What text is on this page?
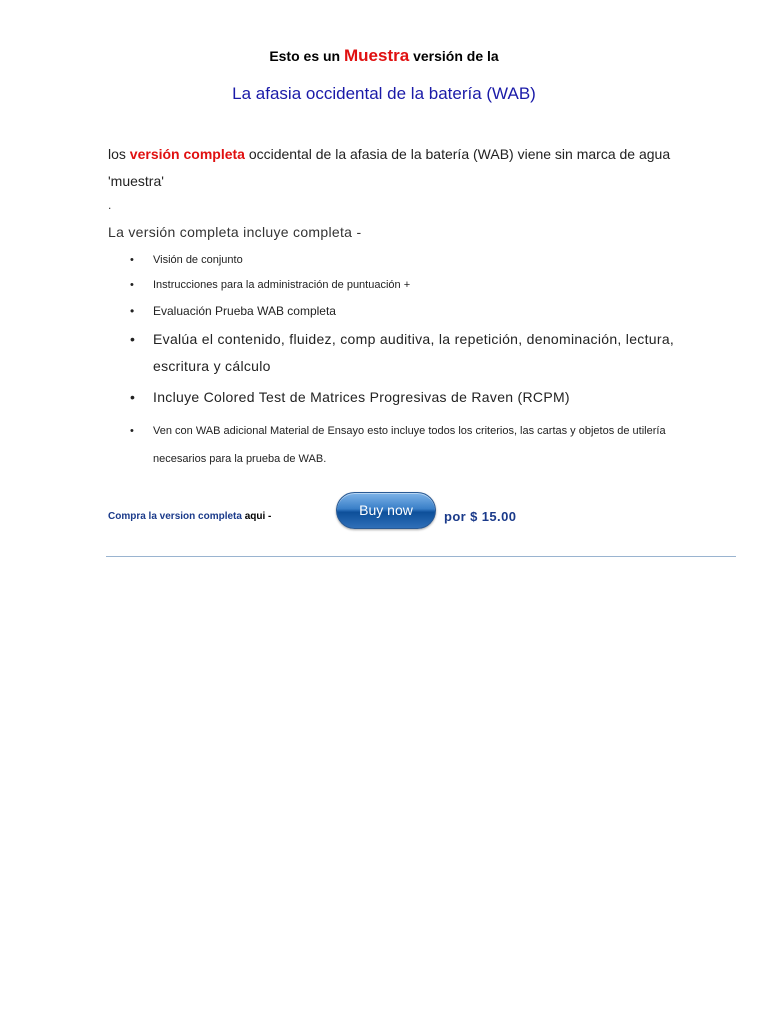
Esto es un Muestra versión de la
La afasia occidental de la batería (WAB)
los versión completa occidental de la afasia de la batería (WAB) viene sin marca de agua 'muestra'
.
La versión completa incluye completa -
• Visión de conjunto
• Instrucciones para la administración de puntuación +
• Evaluación Prueba WAB completa
• Evalúa el contenido, fluidez, comp auditiva, la repetición, denominación, lectura, escritura y cálculo
• Incluye Colored Test de Matrices Progresivas de Raven (RCPM)
• Ven con WAB adicional Material de Ensayo esto incluye todos los criterios, las cartas y objetos de utilería necesarios para la prueba de WAB.
Compra la version completa aqui -	Buy now	por $ 15.00
